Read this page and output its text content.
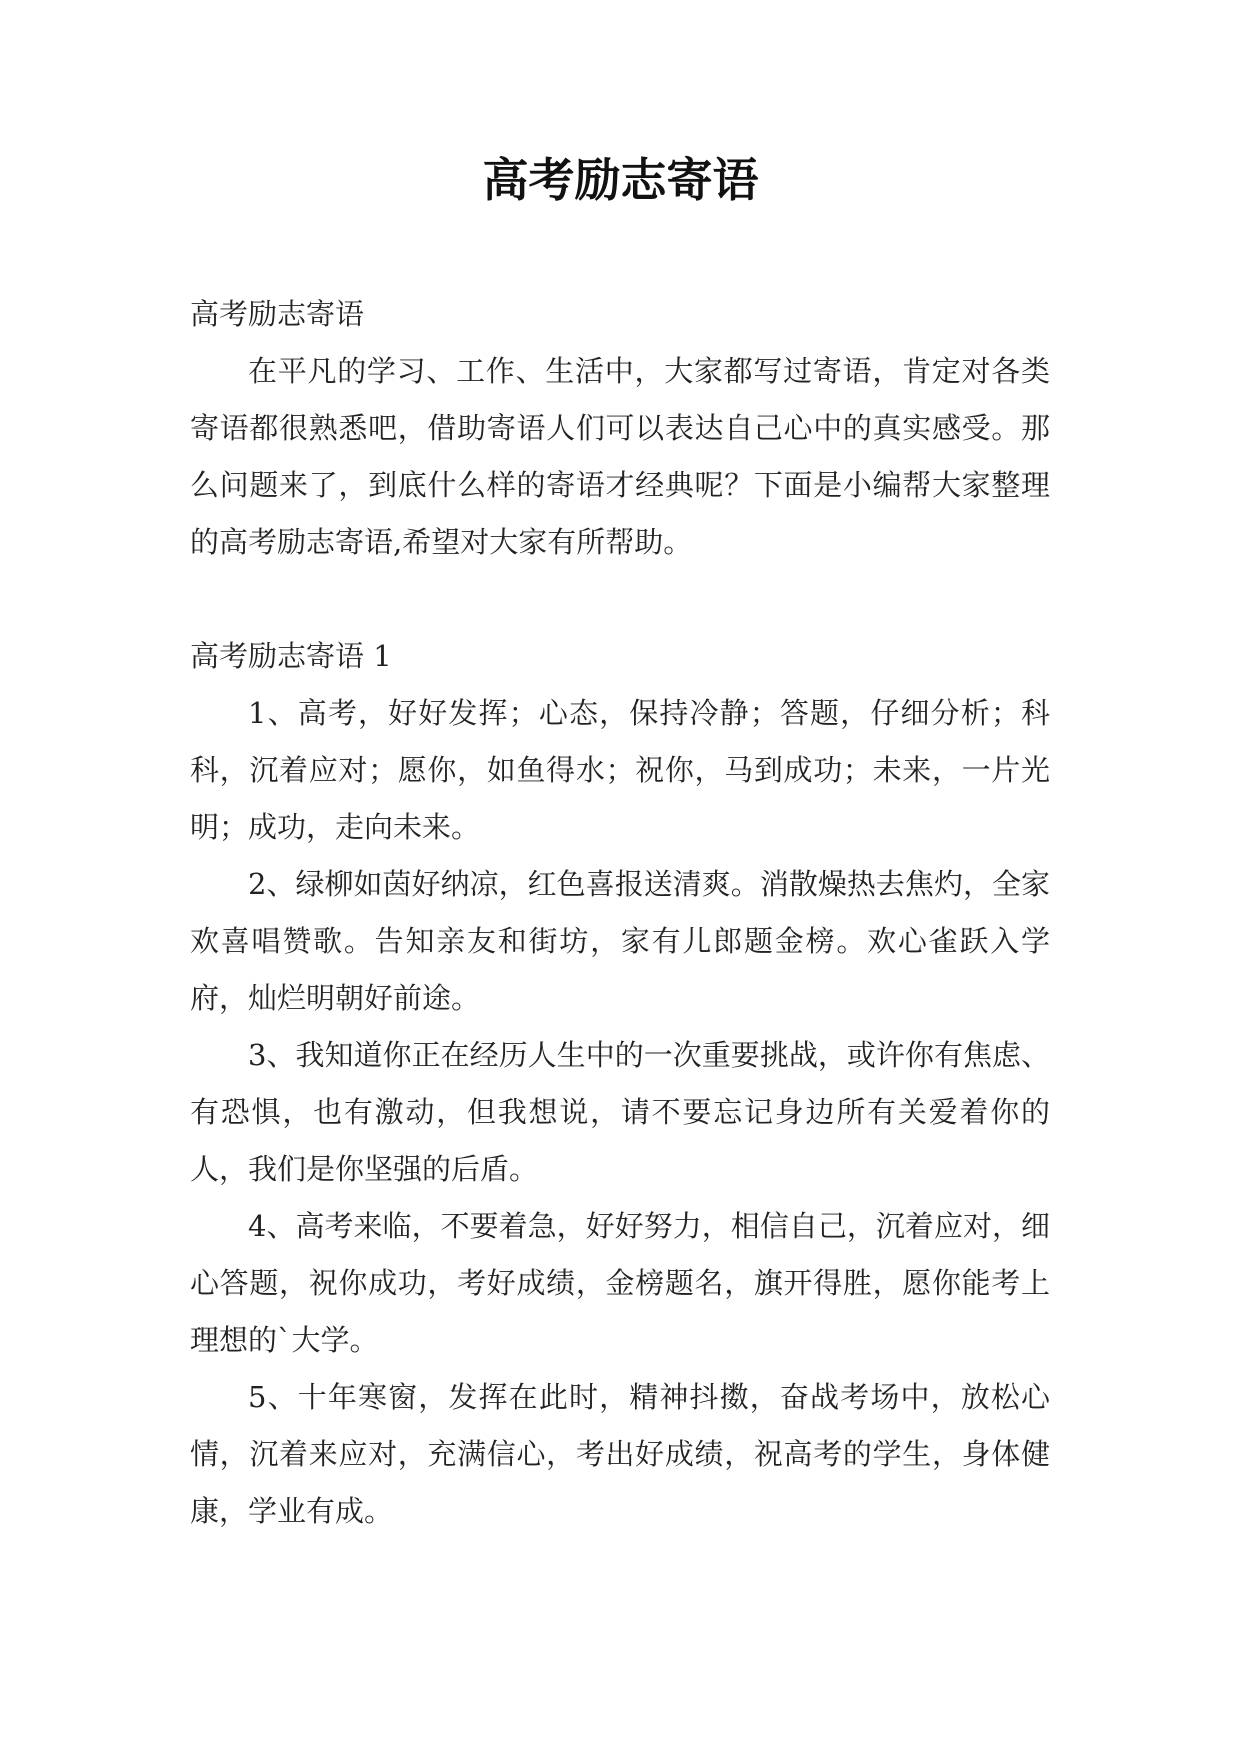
高考励志寄语

高考励志寄语

在平凡的学习、工作、生活中，大家都写过寄语，肯定对各类寄语都很熟悉吧，借助寄语人们可以表达自己心中的真实感受。那么问题来了，到底什么样的寄语才经典呢？下面是小编帮大家整理的高考励志寄语,希望对大家有所帮助。

高考励志寄语 1

1、高考，好好发挥；心态，保持冷静；答题，仔细分析；科科，沉着应对；愿你，如鱼得水；祝你，马到成功；未来，一片光明；成功，走向未来。

2、绿柳如茵好纳凉，红色喜报送清爽。消散燥热去焦灼，全家欢喜唱赞歌。告知亲友和街坊，家有儿郎题金榜。欢心雀跃入学府，灿烂明朝好前途。

3、我知道你正在经历人生中的一次重要挑战，或许你有焦虑、有恐惧，也有激动，但我想说，请不要忘记身边所有关爱着你的人，我们是你坚强的后盾。

4、高考来临，不要着急，好好努力，相信自己，沉着应对，细心答题，祝你成功，考好成绩，金榜题名，旗开得胜，愿你能考上理想的`大学。

5、十年寒窗，发挥在此时，精神抖擞，奋战考场中，放松心情，沉着来应对，充满信心，考出好成绩，祝高考的学生，身体健康，学业有成。
